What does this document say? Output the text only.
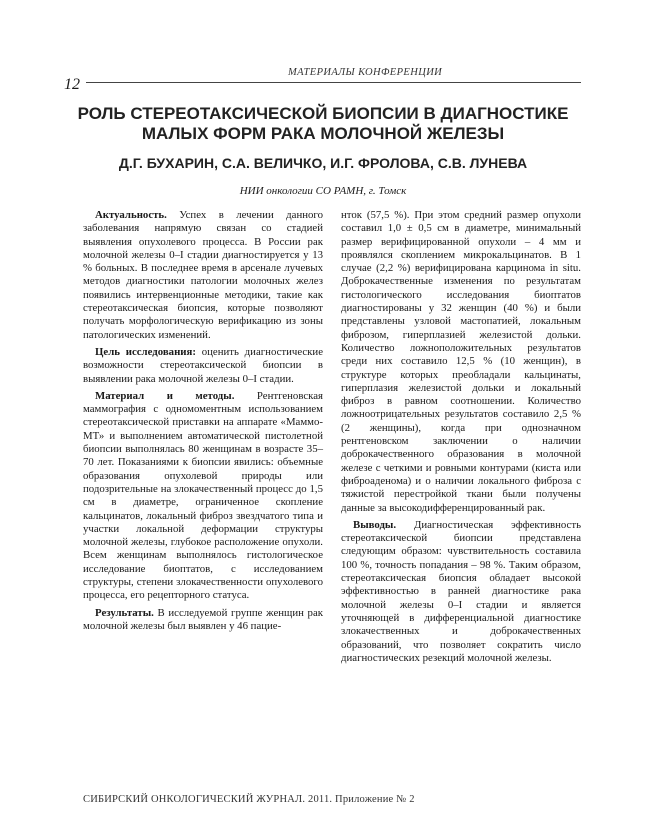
МАТЕРИАЛЫ КОНФЕРЕНЦИИ
12
РОЛЬ СТЕРЕОТАКСИЧЕСКОЙ БИОПСИИ В ДИАГНОСТИКЕ
МАЛЫХ ФОРМ РАКА МОЛОЧНОЙ ЖЕЛЕЗЫ

Д.Г. БУХАРИН, С.А. ВЕЛИЧКО, И.Г. ФРОЛОВА, С.В. ЛУНЕВА

НИИ онкологии СО РАМН, г. Томск

Актуальность. Успех в лечении данного заболевания напрямую связан со стадией выявления опухолевого процесса. В России рак молочной железы 0–I стадии диагностируется у 13 % больных. В последнее время в арсенале лучевых методов диагностики патологии молочных желез появились интервенционные методики, такие как стереотаксическая биопсия, которые позволяют получать морфологическую верификацию из зоны патологических изменений.

Цель исследования: оценить диагностические возможности стереотаксической биопсии в выявлении рака молочной железы 0–I стадии.

Материал и методы. Рентгеновская маммография с одномоментным использованием стереотаксической приставки на аппарате «Маммо-МТ» и выполнением автоматической пистолетной биопсии выполнялась 80 женщинам в возрасте 35–70 лет. Показаниями к биопсии явились: объемные образования опухолевой природы или подозрительные на злокачественный процесс до 1,5 см в диаметре, ограниченное скопление кальцинатов, локальный фиброз звездчатого типа и участки локальной деформации структуры молочной железы, глубокое расположение опухоли. Всем женщинам выполнялось гистологическое исследование биоптатов, с исследованием структуры, степени злокачественности опухолевого процесса, его рецепторного статуса.

Результаты. В исследуемой группе женщин рак молочной железы был выявлен у 46 пацие-

нток (57,5 %). При этом средний размер опухоли составил 1,0 ± 0,5 см в диаметре, минимальный размер верифицированной опухоли – 4 мм и проявлялся скоплением микрокальцинатов. В 1 случае (2,2 %) верифицирована карцинома in situ. Доброкачественные изменения по результатам гистологического исследования биоптатов диагностированы у 32 женщин (40 %) и были представлены узловой мастопатией, локальным фиброзом, гиперплазией железистой дольки. Количество ложноположительных результатов среди них составило 12,5 % (10 женщин), в структуре которых преобладали кальцинаты, гиперплазия железистой дольки и локальный фиброз в равном соотношении. Количество ложноотрицательных результатов составило 2,5 % (2 женщины), когда при однозначном рентгеновском заключении о наличии доброкачественного образования в молочной железе с четкими и ровными контурами (киста или фиброаденома) и о наличии локального фиброза с тяжистой перестройкой ткани были получены данные за высокодифференцированный рак.

Выводы. Диагностическая эффективность стереотаксической биопсии представлена следующим образом: чувствительность составила 100 %, точность попадания – 98 %. Таким образом, стереотаксическая биопсия обладает высокой эффективностью в ранней диагностике рака молочной железы 0–I стадии и является уточняющей в дифференциальной диагностике злокачественных и доброкачественных образований, что позволяет сократить число диагностических резекций молочной железы.

СИБИРСКИЙ ОНКОЛОГИЧЕСКИЙ ЖУРНАЛ. 2011. Приложение № 2
